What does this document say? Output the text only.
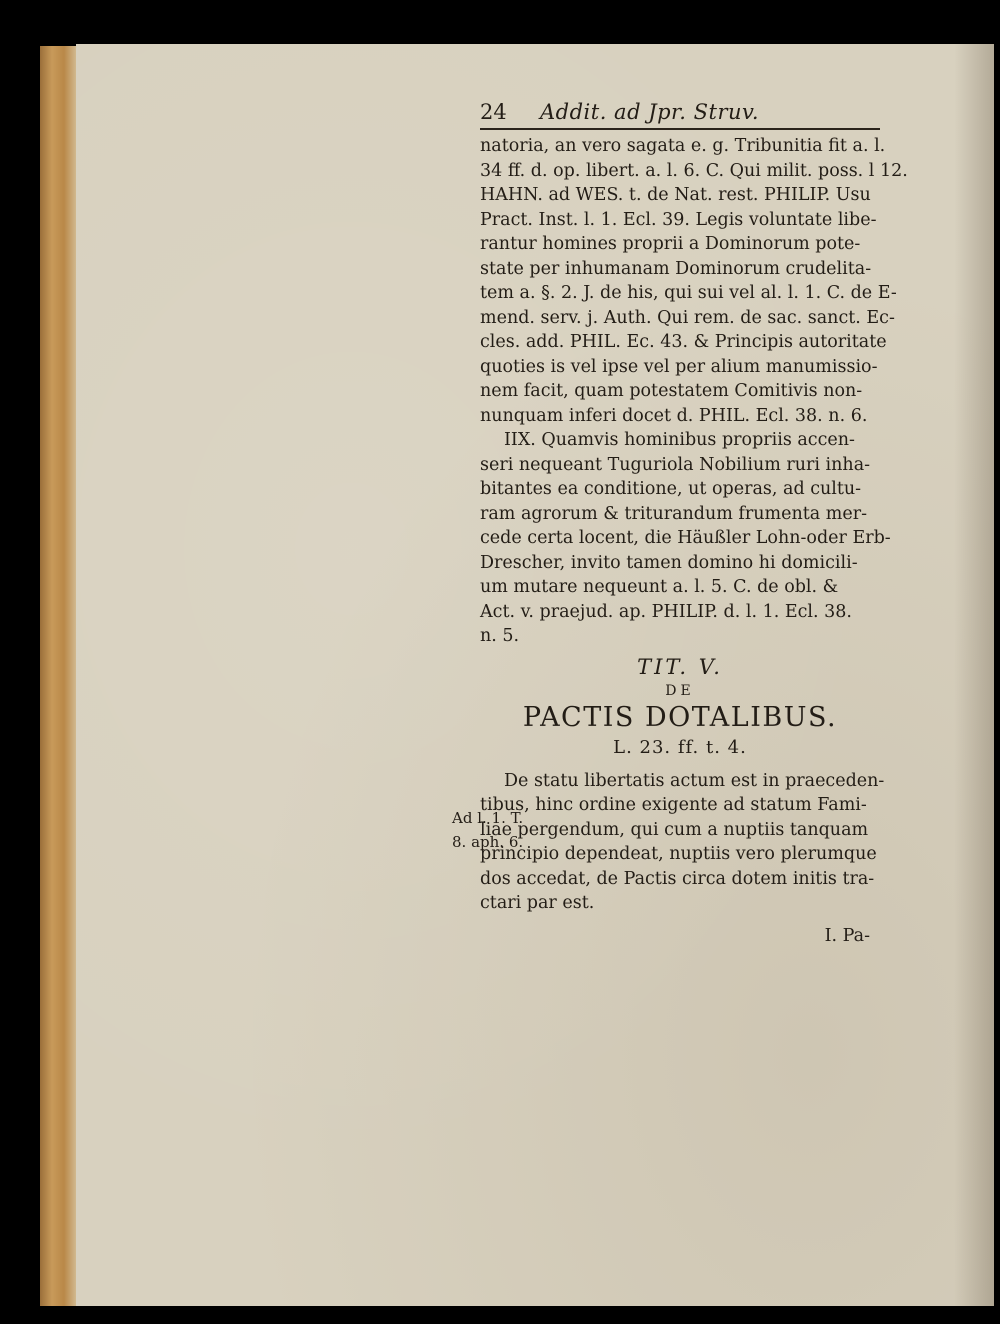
24	Addit. ad Jpr. Struv.
natoria, an vero sagata e. g. Tribunitia fit a. l.
34 ff. d. op. libert. a. l. 6. C. Qui milit. poss. l 12.
HAHN. ad WES. t. de Nat. rest. PHILIP. Usu
Pract. Inst. l. 1. Ecl. 39. Legis voluntate libe-
rantur homines proprii a Dominorum pote-
state per inhumanam Dominorum crudelita-
tem a. §. 2. J. de his, qui sui vel al. l. 1. C. de E-
mend. serv. j. Auth. Qui rem. de sac. sanct. Ec-
cles. add. PHIL. Ec. 43. & Principis autoritate
quoties is vel ipse vel per alium manumissio-
nem facit, quam potestatem Comitivis non-
nunquam inferi docet d. PHIL. Ecl. 38. n. 6.
IIX. Quamvis hominibus propriis accen-
seri nequeant Tuguriola Nobilium ruri inha-
bitantes ea conditione, ut operas, ad cultu-
ram agrorum & triturandum frumenta mer-
cede certa locent, die Häußler Lohn-oder Erb-
Drescher, invito tamen domino hi domicili-
um mutare nequeunt a. l. 5. C. de obl. &
Act. v. praejud. ap. PHILIP. d. l. 1. Ecl. 38.
n. 5.
TIT. V.
DE
PACTIS DOTALIBUS.
L. 23. ff. t. 4.
De statu libertatis actum est in praeceden-
tibus, hinc ordine exigente ad statum Fami-
liae pergendum, qui cum a nuptiis tanquam
principio dependeat, nuptiis vero plerumque
dos accedat, de Pactis circa dotem initis tra-
ctari par est.
I. Pa-
Ad l. 1. T.
8. aph. 6.
